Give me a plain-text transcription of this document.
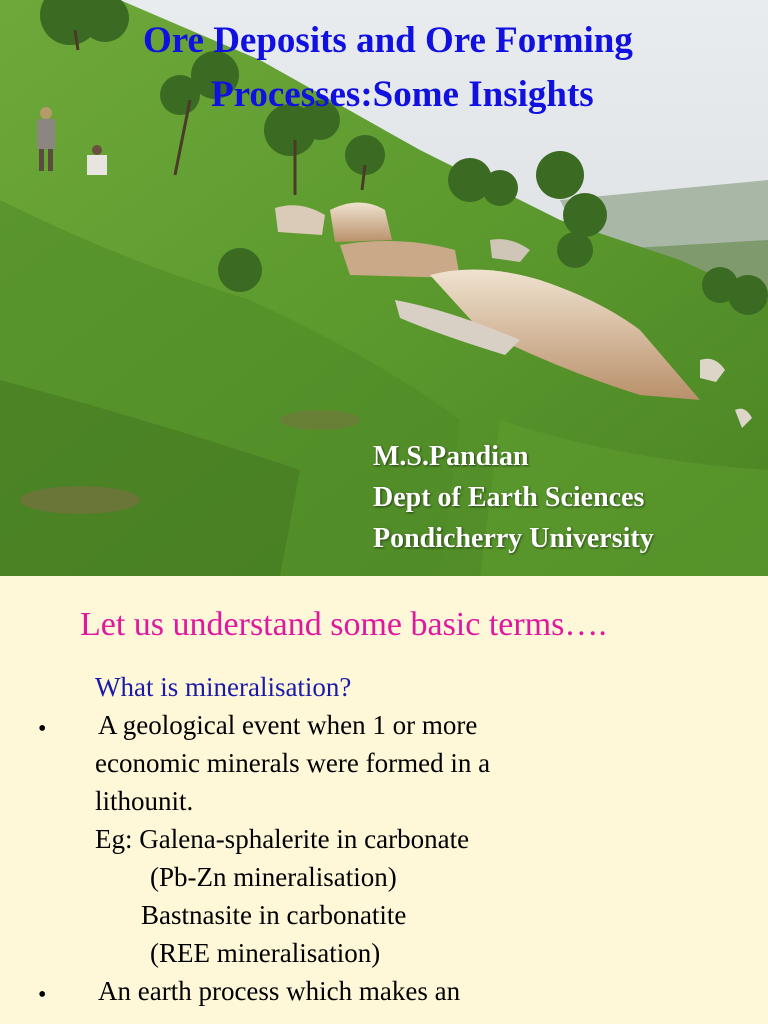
Ore Deposits and Ore Forming
Processes:Some Insights
M.S.Pandian
Dept of Earth Sciences
Pondicherry University
Let us understand some basic terms….
What is mineralisation?
• A geological event when 1 or more
economic minerals were formed in a
lithounit.
Eg: Galena-sphalerite in carbonate
(Pb-Zn mineralisation)
Bastnasite in carbonatite
(REE mineralisation)
• An earth process which makes an
